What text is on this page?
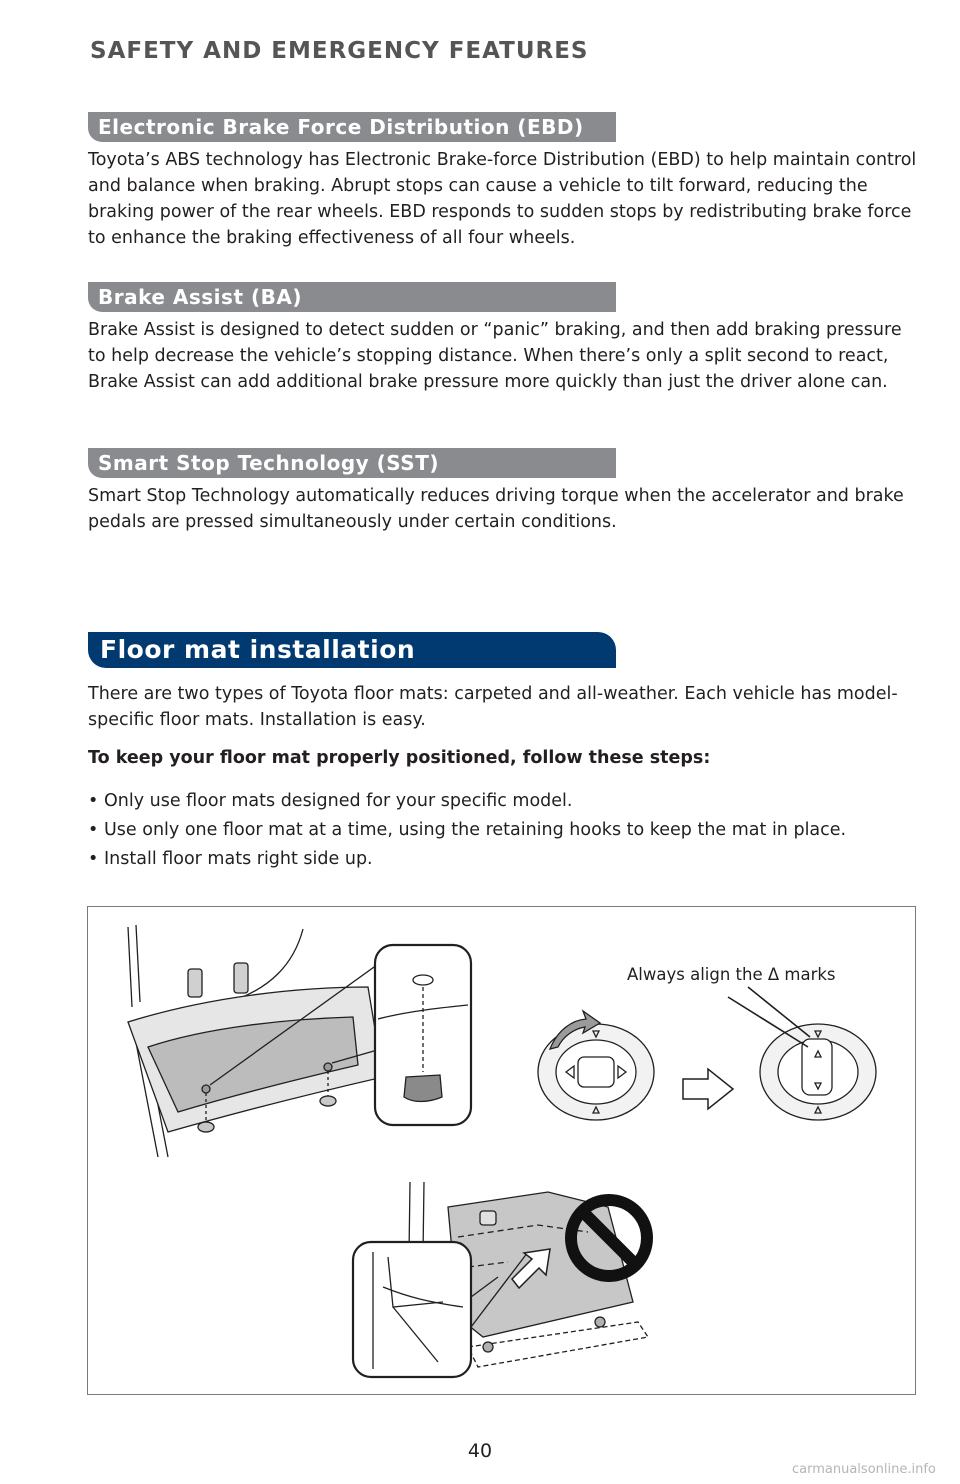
SAFETY AND EMERGENCY FEATURES
Electronic Brake Force Distribution (EBD)

Toyota’s ABS technology has Electronic Brake-force Distribution (EBD) to help maintain control and balance when braking. Abrupt stops can cause a vehicle to tilt forward, reducing the braking power of the rear wheels. EBD responds to sudden stops by redistributing brake force to enhance the braking effectiveness of all four wheels.

Brake Assist (BA)

Brake Assist is designed to detect sudden or “panic” braking, and then add braking pressure to help decrease the vehicle’s stopping distance. When there’s only a split second to react, Brake Assist can add additional brake pressure more quickly than just the driver alone can.

Smart Stop Technology (SST)

Smart Stop Technology automatically reduces driving torque when the accelerator and brake pedals are pressed simultaneously under certain conditions.

Floor mat installation

There are two types of Toyota floor mats: carpeted and all-weather. Each vehicle has model-specific floor mats. Installation is easy.

To keep your floor mat properly positioned, follow these steps:
• Only use floor mats designed for your specific model.
• Use only one floor mat at a time, using the retaining hooks to keep the mat in place.
• Install floor mats right side up.
Always align the Δ marks
40
carmanualsonline.info
